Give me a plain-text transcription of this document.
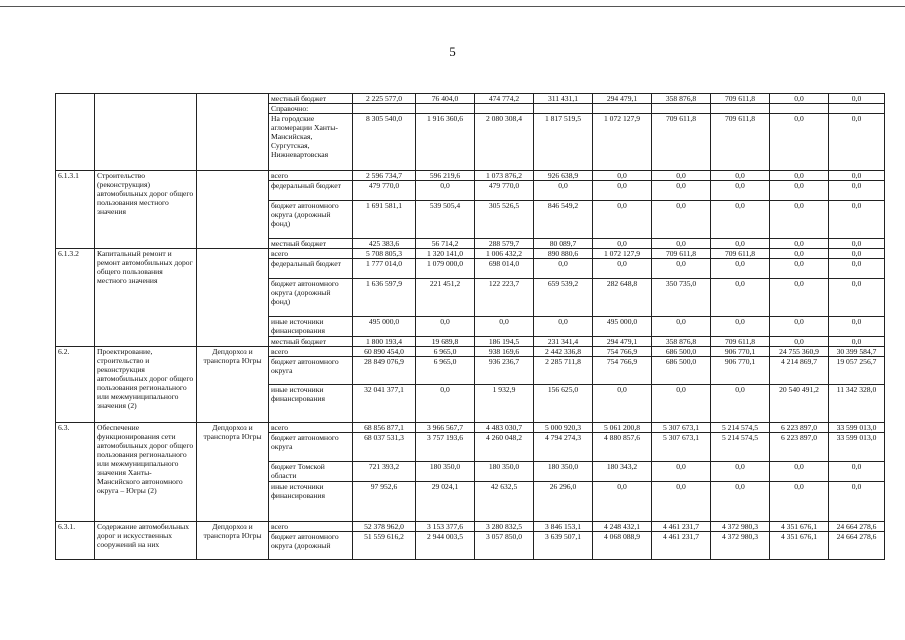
5
			местный бюджет	2 225 577,0	76 404,0	474 774,2	311 431,1	294 479,1	358 876,8	709 611,8	0,0	0,0
			Справочно:									
			На городские агломерации Ханты-Мансийская, Сургутская, Нижневартовская	8 305 540,0	1 916 360,6	2 080 308,4	1 817 519,5	1 072 127,9	709 611,8	709 611,8	0,0	0,0
6.1.3.1	Строительство (реконструкция) автомобильных дорог общего пользования местного значения		всего	2 596 734,7	596 219,6	1 073 876,2	926 638,9	0,0	0,0	0,0	0,0	0,0
			федеральный бюджет	479 770,0	0,0	479 770,0	0,0	0,0	0,0	0,0	0,0	0,0
			бюджет автономного округа (дорожный фонд)	1 691 581,1	539 505,4	305 526,5	846 549,2	0,0	0,0	0,0	0,0	0,0
			местный бюджет	425 383,6	56 714,2	288 579,7	80 089,7	0,0	0,0	0,0	0,0	0,0
6.1.3.2	Капитальный ремонт и ремонт автомобильных дорог общего пользования местного значения		всего	5 708 805,3	1 320 141,0	1 006 432,2	890 880,6	1 072 127,9	709 611,8	709 611,8	0,0	0,0
			федеральный бюджет	1 777 014,0	1 079 000,0	698 014,0	0,0	0,0	0,0	0,0	0,0	0,0
			бюджет автономного округа (дорожный фонд)	1 636 597,9	221 451,2	122 223,7	659 539,2	282 648,8	350 735,0	0,0	0,0	0,0
			иные источники финансирования	495 000,0	0,0	0,0	0,0	495 000,0	0,0	0,0	0,0	0,0
			местный бюджет	1 800 193,4	19 689,8	186 194,5	231 341,4	294 479,1	358 876,8	709 611,8	0,0	0,0
6.2.	Проектирование, строительство и реконструкция автомобильных дорог общего пользования регионального или межмуниципального значения (2)	Депдорхоз и транспорта Югры	всего	60 890 454,0	6 965,0	938 169,6	2 442 336,8	754 766,9	686 500,0	906 770,1	24 755 360,9	30 399 584,7
			бюджет автономного округа	28 849 076,9	6 965,0	936 236,7	2 285 711,8	754 766,9	686 500,0	906 770,1	4 214 869,7	19 057 256,7
			иные источники финансирования	32 041 377,1	0,0	1 932,9	156 625,0	0,0	0,0	0,0	20 540 491,2	11 342 328,0
6.3.	Обеспечение функционирования сети автомобильных дорог общего пользования регионального или межмуниципального значения Ханты-Мансийского автономного округа – Югры (2)	Депдорхоз и транспорта Югры	всего	68 856 877,1	3 966 567,7	4 483 030,7	5 000 920,3	5 061 200,8	5 307 673,1	5 214 574,5	6 223 897,0	33 599 013,0
			бюджет автономного округа	68 037 531,3	3 757 193,6	4 260 048,2	4 794 274,3	4 880 857,6	5 307 673,1	5 214 574,5	6 223 897,0	33 599 013,0
			бюджет Томской области	721 393,2	180 350,0	180 350,0	180 350,0	180 343,2	0,0	0,0	0,0	0,0
			иные источники финансирования	97 952,6	29 024,1	42 632,5	26 296,0	0,0	0,0	0,0	0,0	0,0
6.3.1.	Содержание автомобильных дорог и искусственных сооружений на них	Депдорхоз и транспорта Югры	всего	52 378 962,0	3 153 377,6	3 280 832,5	3 846 153,1	4 248 432,1	4 461 231,7	4 372 980,3	4 351 676,1	24 664 278,6
			бюджет автономного округа (дорожный	51 559 616,2	2 944 003,5	3 057 850,0	3 639 507,1	4 068 088,9	4 461 231,7	4 372 980,3	4 351 676,1	24 664 278,6
